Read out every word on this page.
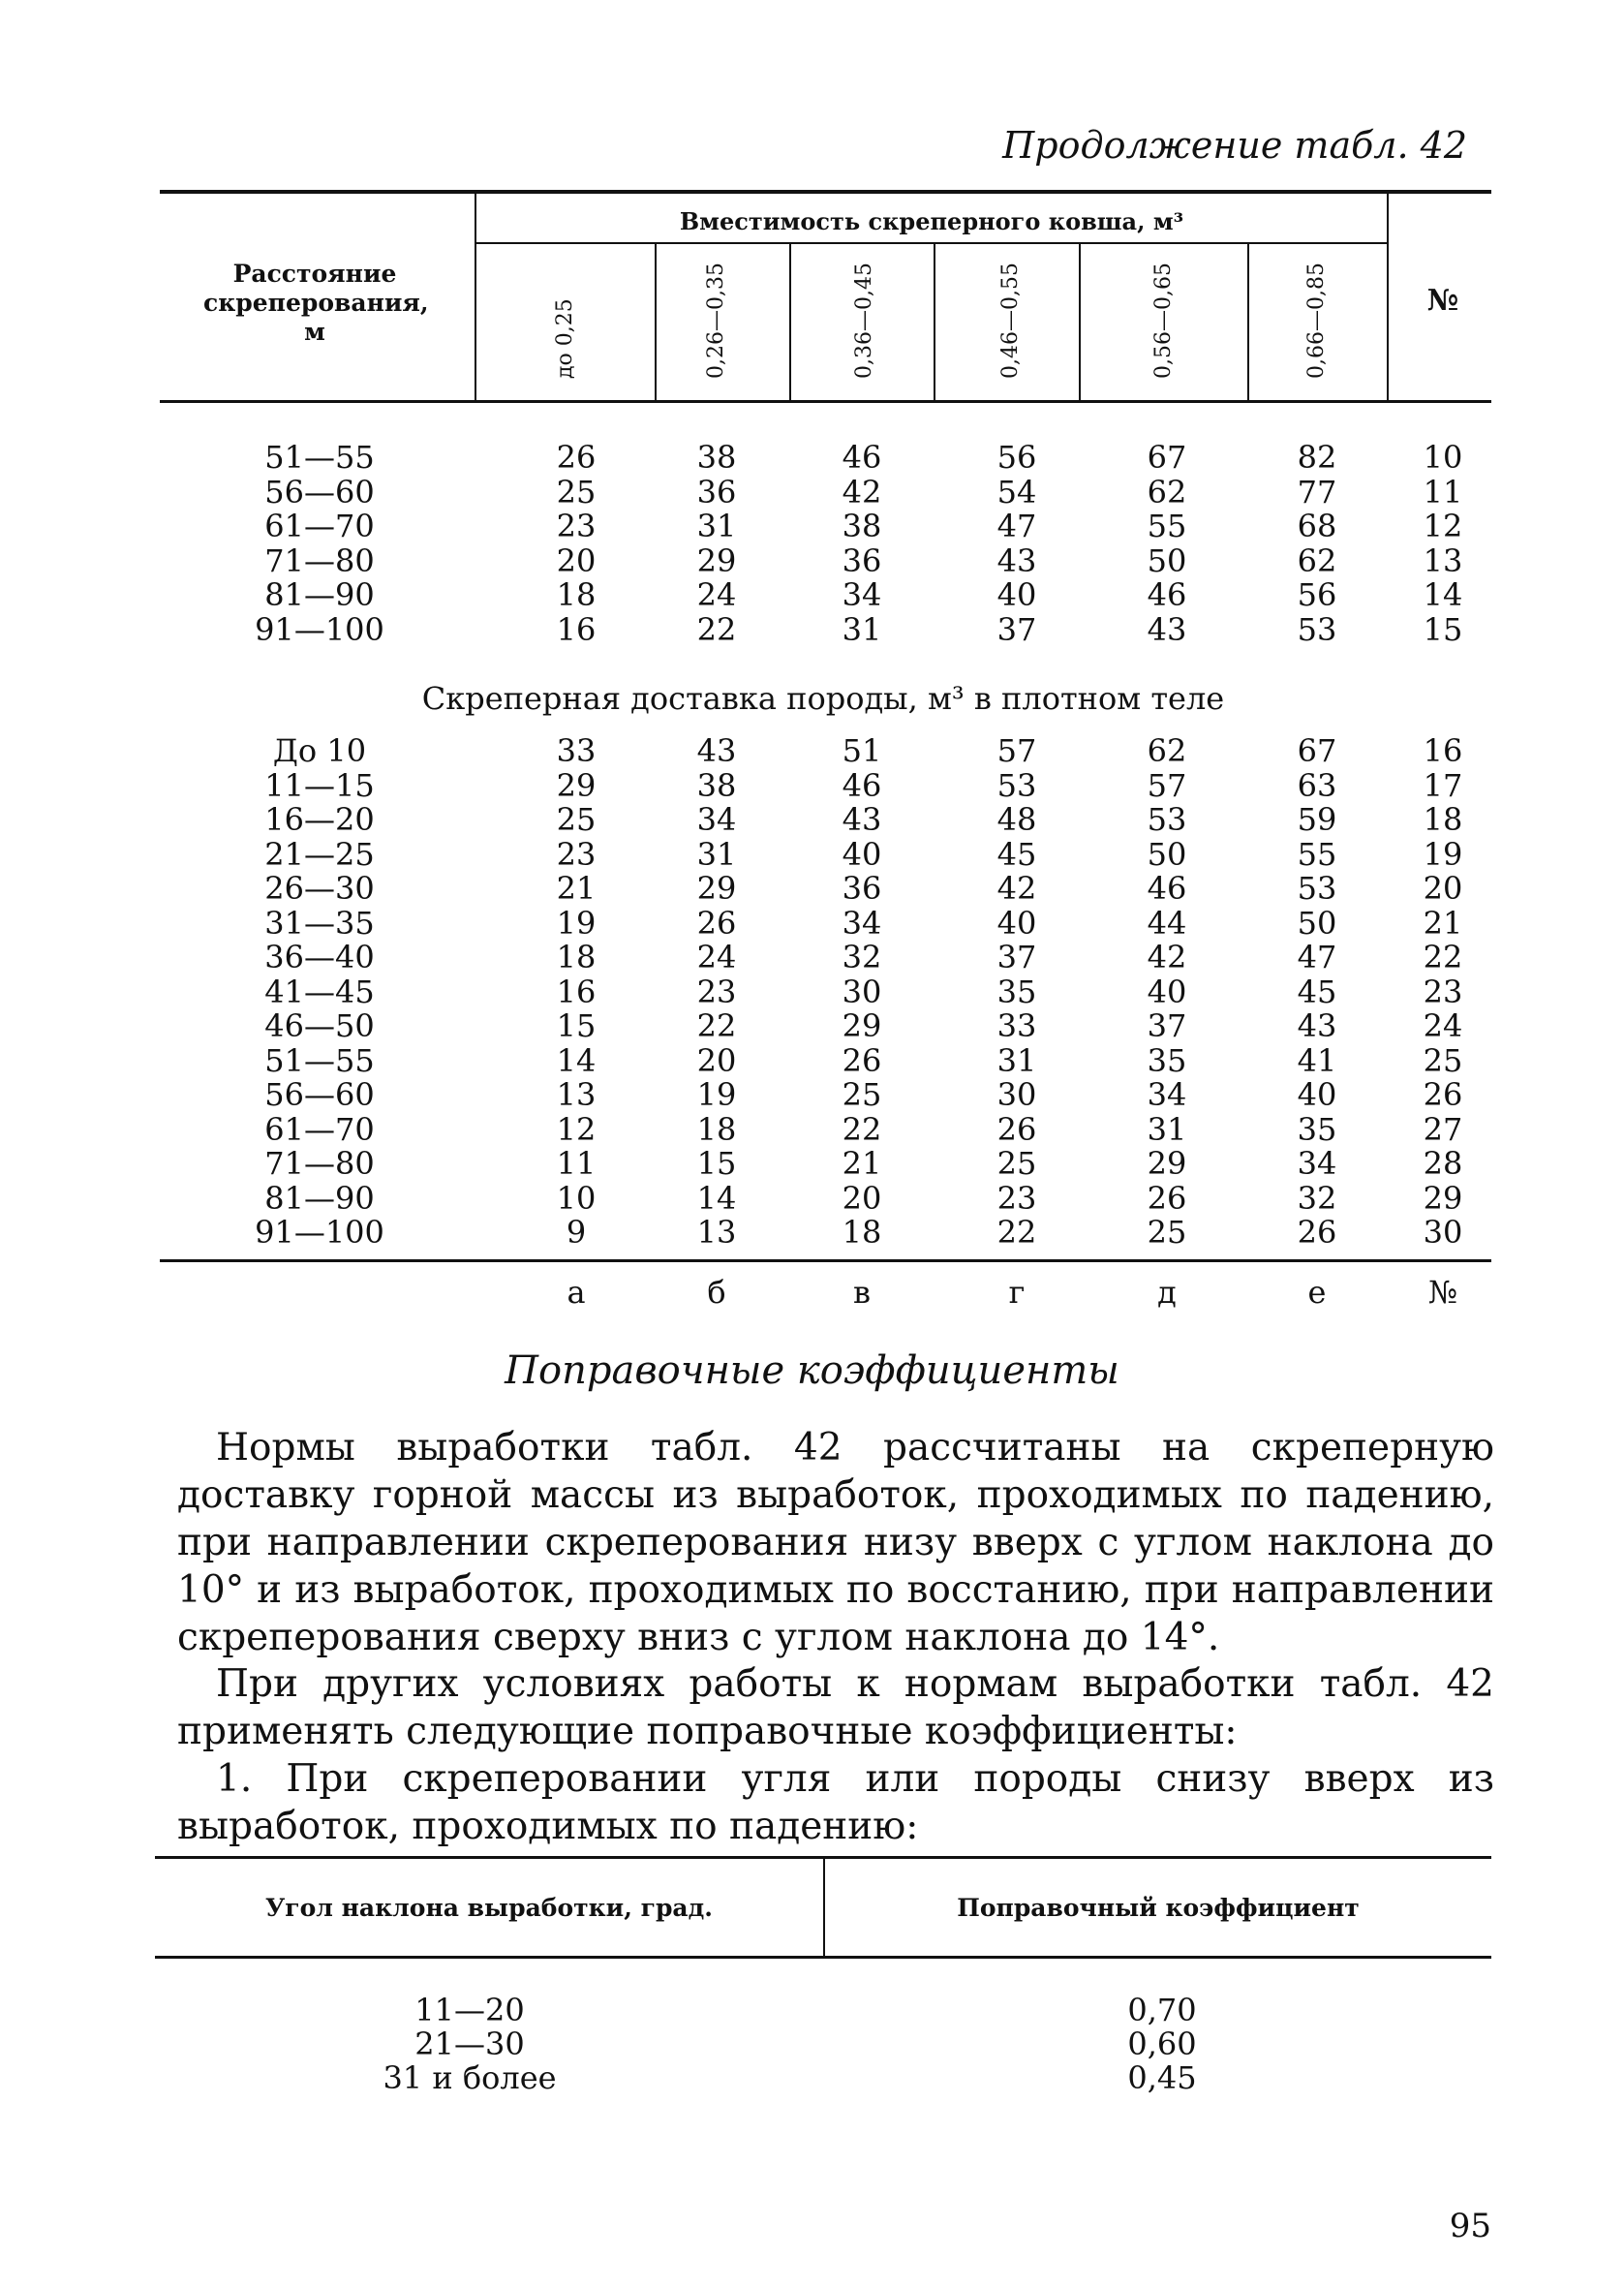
Продолжение табл. 42
Расстояние скреперования, м
Вместимость скреперного ковша, м³
№
до 0,25	0,26—0,35	0,36—0,45	0,46—0,55	0,56—0,65	0,66—0,85
51—55	26	38	46	56	67	82	10
56—60	25	36	42	54	62	77	11
61—70	23	31	38	47	55	68	12
71—80	20	29	36	43	50	62	13
81—90	18	24	34	40	46	56	14
91—100	16	22	31	37	43	53	15
Скреперная доставка породы, м³ в плотном теле
До 10	33	43	51	57	62	67	16
11—15	29	38	46	53	57	63	17
16—20	25	34	43	48	53	59	18
21—25	23	31	40	45	50	55	19
26—30	21	29	36	42	46	53	20
31—35	19	26	34	40	44	50	21
36—40	18	24	32	37	42	47	22
41—45	16	23	30	35	40	45	23
46—50	15	22	29	33	37	43	24
51—55	14	20	26	31	35	41	25
56—60	13	19	25	30	34	40	26
61—70	12	18	22	26	31	35	27
71—80	11	15	21	25	29	34	28
81—90	10	14	20	23	26	32	29
91—100	9	13	18	22	25	26	30
а	б	в	г	д	е	№
Поправочные коэффициенты

Нормы выработки табл. 42 рассчитаны на скреперную доставку горной массы из выработок, проходимых по падению, при направлении скреперования низу вверх с углом наклона до 10° и из выработок, проходимых по восстанию, при направлении скреперования сверху вниз с углом наклона до 14°.

При других условиях работы к нормам выработки табл. 42 применять следующие поправочные коэффициенты:

1. При скреперовании угля или породы снизу вверх из выработок, проходимых по падению:

Угол наклона выработки, град.	Поправочный коэффициент
11—20	0,70
21—30	0,60
31 и более	0,45
95
